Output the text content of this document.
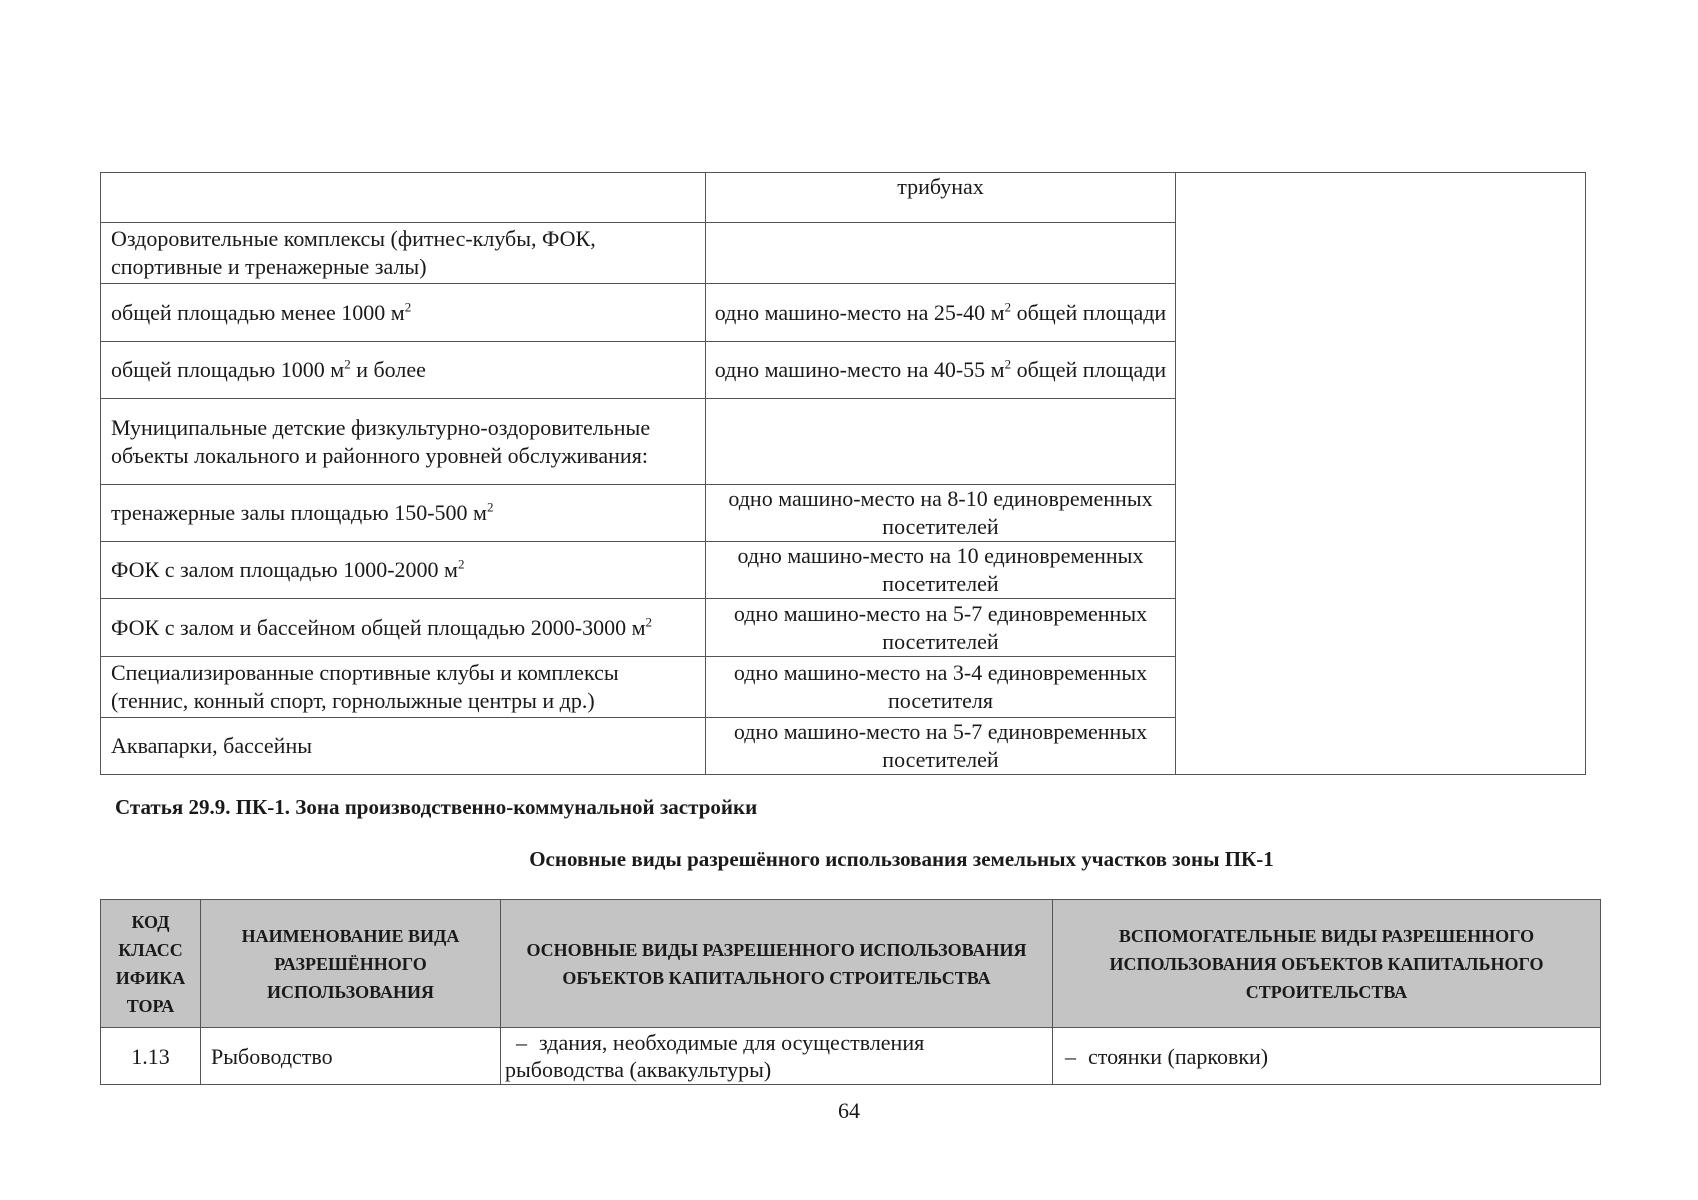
	трибунах	
Оздоровительные комплексы (фитнес-клубы, ФОК, спортивные и тренажерные залы)		
общей площадью менее 1000 $м^2$	одно машино-место на 25-40 $м^2$ общей площади	
общей площадью 1000 $м^2$ и более	одно машино-место на 40-55 $м^2$ общей площади	
Муниципальные детские физкультурно-оздоровительные объекты локального и районного уровней обслуживания:		
тренажерные залы площадью 150-500 $м^2$	одно машино-место на 8-10 единовременных посетителей	
ФОК с залом площадью 1000-2000 $м^2$	одно машино-место на 10 единовременных посетителей	
ФОК с залом и бассейном общей площадью 2000-3000 $м^2$	одно машино-место на 5-7 единовременных посетителей	
Специализированные спортивные клубы и комплексы (теннис, конный спорт, горнолыжные центры и др.)	одно машино-место на 3-4 единовременных посетителя	
Аквапарки, бассейны	одно машино-место на 5-7 единовременных посетителей	
Статья 29.9. ПК-1. Зона производственно-коммунальной застройки
Основные виды разрешённого использования земельных участков зоны ПК-1
КОД КЛАСС ИФИКА ТОРА	НАИМЕНОВАНИЕ ВИДА РАЗРЕШЁННОГО ИСПОЛЬЗОВАНИЯ	ОСНОВНЫЕ ВИДЫ РАЗРЕШЕННОГО ИСПОЛЬЗОВАНИЯ ОБЪЕКТОВ КАПИТАЛЬНОГО СТРОИТЕЛЬСТВА	ВСПОМОГАТЕЛЬНЫЕ ВИДЫ РАЗРЕШЕННОГО ИСПОЛЬЗОВАНИЯ ОБЪЕКТОВ КАПИТАЛЬНОГО СТРОИТЕЛЬСТВА
1.13	Рыбоводство	– здания, необходимые для осуществления рыбоводства (аквакультуры)	– стоянки (парковки)
64
